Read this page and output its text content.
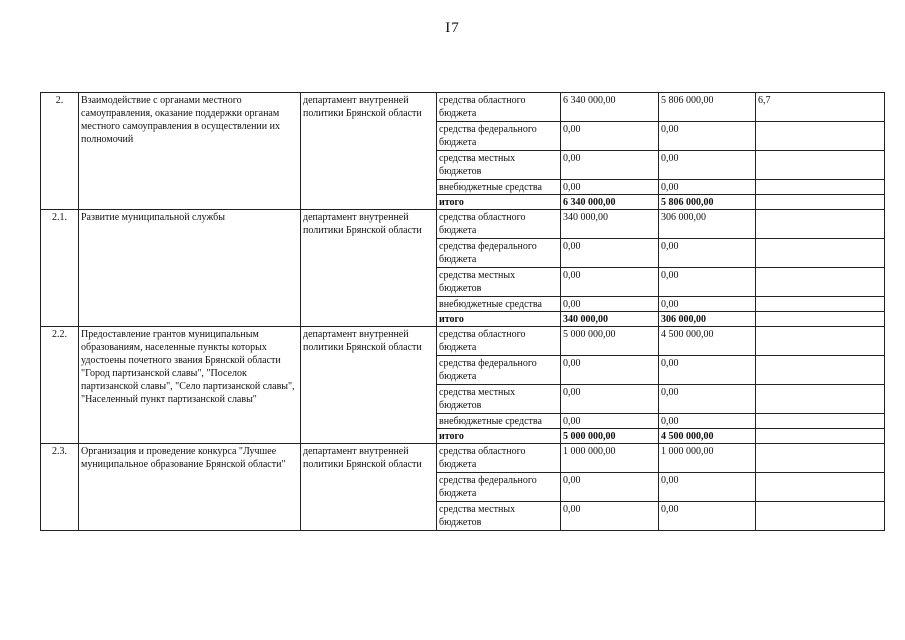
I7
2.	Взаимодействие с органами местного самоуправления, оказание поддержки органам местного самоуправления в осуществлении их полномочий	департамент внутренней политики Брянской области	средства областного бюджета	6 340 000,00	5 806 000,00	6,7
			средства федерального бюджета	0,00	0,00	
			средства местных бюджетов	0,00	0,00	
			внебюджетные средства	0,00	0,00	
			итого	6 340 000,00	5 806 000,00	
2.1.	Развитие муниципальной службы	департамент внутренней политики Брянской области	средства областного бюджета	340 000,00	306 000,00	
			средства федерального бюджета	0,00	0,00	
			средства местных бюджетов	0,00	0,00	
			внебюджетные средства	0,00	0,00	
			итого	340 000,00	306 000,00	
2.2.	Предоставление грантов муниципальным образованиям, населенные пункты которых удостоены почетного звания Брянской области "Город партизанской славы", "Поселок партизанской славы", "Село партизанской славы", "Населенный пункт партизанской славы"	департамент внутренней политики Брянской области	средства областного бюджета	5 000 000,00	4 500 000,00	
			средства федерального бюджета	0,00	0,00	
			средства местных бюджетов	0,00	0,00	
			внебюджетные средства	0,00	0,00	
			итого	5 000 000,00	4 500 000,00	
2.3.	Организация и проведение конкурса "Лучшее муниципальное образование Брянской области"	департамент внутренней политики Брянской области	средства областного бюджета	1 000 000,00	1 000 000,00	
			средства федерального бюджета	0,00	0,00	
			средства местных бюджетов	0,00	0,00	
